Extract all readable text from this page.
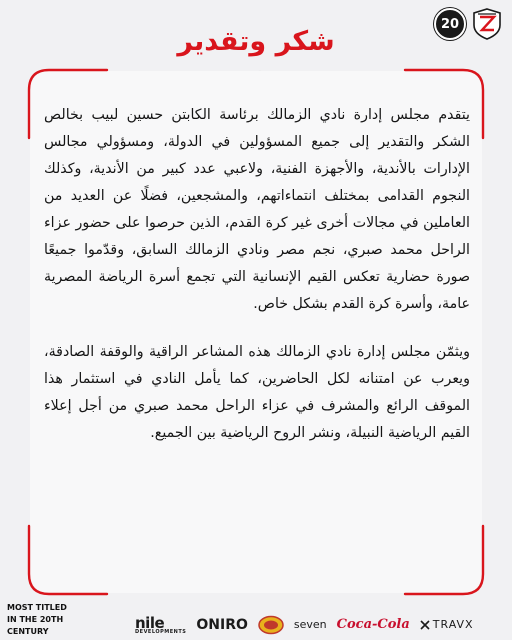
20
شكر وتقدير

يتقدم مجلس إدارة نادي الزمالك برئاسة الكابتن حسين لبيب بخالص الشكر والتقدير إلى جميع المسؤولين في الدولة، ومسؤولي مجالس الإدارات بالأندية، والأجهزة الفنية، ولاعبي عدد كبير من الأندية، وكذلك النجوم القدامى بمختلف انتماءاتهم، والمشجعين، فضلًا عن العديد من العاملين في مجالات أخرى غير كرة القدم، الذين حرصوا على حضور عزاء الراحل محمد صبري، نجم مصر ونادي الزمالك السابق، وقدّموا جميعًا صورة حضارية تعكس القيم الإنسانية التي تجمع أسرة الرياضة المصرية عامة، وأسرة كرة القدم بشكل خاص.

ويثمّن مجلس إدارة نادي الزمالك هذه المشاعر الراقية والوقفة الصادقة، ويعرب عن امتنانه لكل الحاضرين، كما يأمل النادي في استثمار هذا الموقف الرائع والمشرف في عزاء الراحل محمد صبري من أجل إعلاء القيم الرياضية النبيلة، ونشر الروح الرياضية بين الجميع.

MOST TITLED
IN THE 20TH
CENTURY	nile
DEVELOPMENTS ONIRO	seven Coca-Cola TRAVX
